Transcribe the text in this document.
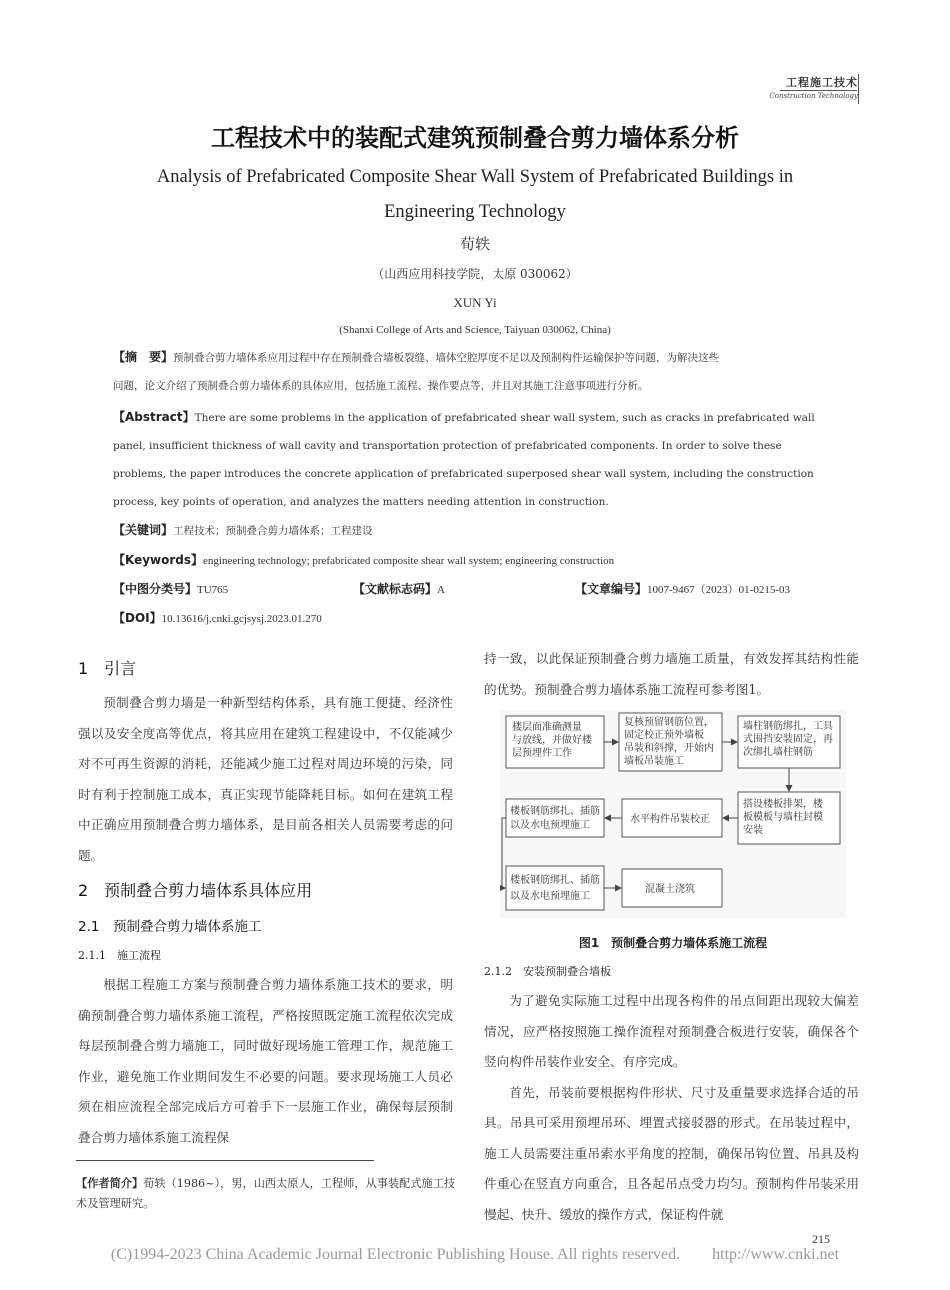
工程施工技术
Construction Technology
工程技术中的装配式建筑预制叠合剪力墙体系分析
Analysis of Prefabricated Composite Shear Wall System of Prefabricated Buildings in
Engineering Technology
荀轶
（山西应用科技学院，太原 030062）
XUN Yi
(Shanxi College of Arts and Science, Taiyuan 030062, China)
【摘　要】预制叠合剪力墙体系应用过程中存在预制叠合墙板裂缝、墙体空腔厚度不足以及预制构件运输保护等问题，为解决这些
问题，论文介绍了预制叠合剪力墙体系的具体应用，包括施工流程、操作要点等，并且对其施工注意事项进行分析。
【Abstract】There are some problems in the application of prefabricated shear wall system, such as cracks in prefabricated wall panel, insufficient thickness of wall cavity and transportation protection of prefabricated components. In order to solve these problems, the paper introduces the concrete application of prefabricated superposed shear wall system, including the construction process, key points of operation, and analyzes the matters needing attention in construction.
【关键词】工程技术；预制叠合剪力墙体系；工程建设
【Keywords】engineering technology; prefabricated composite shear wall system; engineering construction
【中图分类号】TU765	【文献标志码】A	【文章编号】1007-9467（2023）01-0215-03
【DOI】10.13616/j.cnki.gcjsysj.2023.01.270
1　引言

预制叠合剪力墙是一种新型结构体系，具有施工便捷、经济性强以及安全度高等优点，将其应用在建筑工程建设中，不仅能减少对不可再生资源的消耗，还能减少施工过程对周边环境的污染，同时有利于控制施工成本，真正实现节能降耗目标。如何在建筑工程中正确应用预制叠合剪力墙体系，是目前各相关人员需要考虑的问题。

2　预制叠合剪力墙体系具体应用
2.1　预制叠合剪力墙体系施工
2.1.1　施工流程

根据工程施工方案与预制叠合剪力墙体系施工技术的要求，明确预制叠合剪力墙体系施工流程，严格按照既定施工流程依次完成每层预制叠合剪力墙施工，同时做好现场施工管理工作，规范施工作业，避免施工作业期间发生不必要的问题。要求现场施工人员必须在相应流程全部完成后方可着手下一层施工作业，确保每层预制叠合剪力墙体系施工流程保

【作者简介】荀轶（1986~），男，山西太原人，工程师，从事装配式施工技术及管理研究。

持一致，以此保证预制叠合剪力墙施工质量，有效发挥其结构性能的优势。预制叠合剪力墙体系施工流程可参考图1。

楼层面准确测量 与放线，并做好楼 层预埋件工作
复核预留钢筋位置， 固定校正预外墙板 吊装和斜撑，开始内 墙板吊装施工
墙柱钢筋绑扎，工具 式围挡安装固定，再 次绑扎墙柱钢筋
搭设楼板排架，楼 板模板与墙柱封模 安装
水平构件吊装校正
楼板钢筋绑扎、插筋 以及水电预埋施工
楼板钢筋绑扎、插筋 以及水电预埋施工
混凝土浇筑
图1　预制叠合剪力墙体系施工流程
2.1.2　安装预制叠合墙板

为了避免实际施工过程中出现各构件的吊点间距出现较大偏差情况，应严格按照施工操作流程对预制叠合板进行安装，确保各个竖向构件吊装作业安全、有序完成。

首先，吊装前要根据构件形状、尺寸及重量要求选择合适的吊具。吊具可采用预埋吊环、埋置式接驳器的形式。在吊装过程中，施工人员需要注重吊索水平角度的控制，确保吊钩位置、吊具及构件重心在竖直方向重合，且各起吊点受力均匀。预制构件吊装采用慢起、快升、缓放的操作方式，保证构件就

215
(C)1994-2023 China Academic Journal Electronic Publishing House. All rights reserved.　　http://www.cnki.net
